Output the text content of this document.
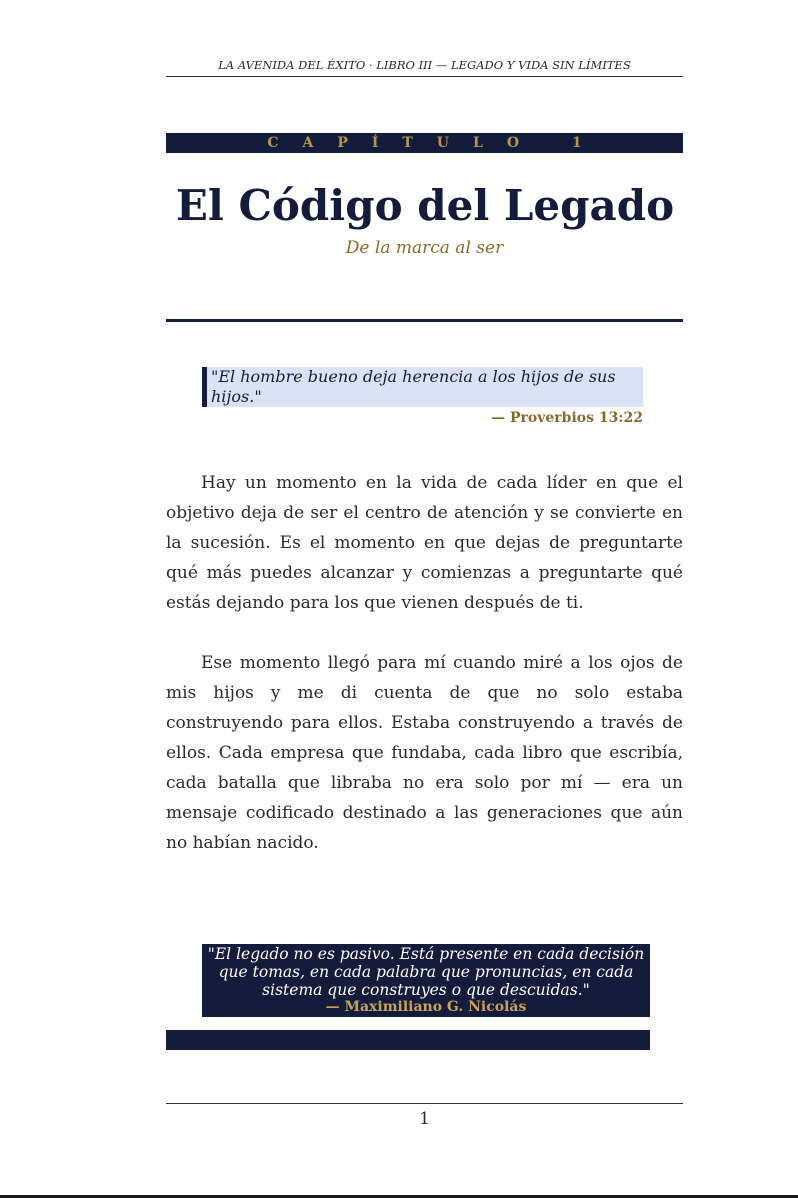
LA AVENIDA DEL ÉXITO · LIBRO III — LEGADO Y VIDA SIN LÍMITES
CAPÍTULO 1
El Código del Legado
De la marca al ser
"El hombre bueno deja herencia a los hijos de sus hijos."
— Proverbios 13:22

Hay un momento en la vida de cada líder en que el objetivo deja de ser el centro de atención y se convierte en la sucesión. Es el momento en que dejas de preguntarte qué más puedes alcanzar y comienzas a preguntarte qué estás dejando para los que vienen después de ti.

Ese momento llegó para mí cuando miré a los ojos de mis hijos y me di cuenta de que no solo estaba construyendo para ellos. Estaba construyendo a través de ellos. Cada empresa que fundaba, cada libro que escribía, cada batalla que libraba no era solo por mí — era un mensaje codificado destinado a las generaciones que aún no habían nacido.

"El legado no es pasivo. Está presente en cada decisión que tomas, en cada palabra que pronuncias, en cada sistema que construyes o que descuidas."
— Maximiliano G. Nicolás
1
